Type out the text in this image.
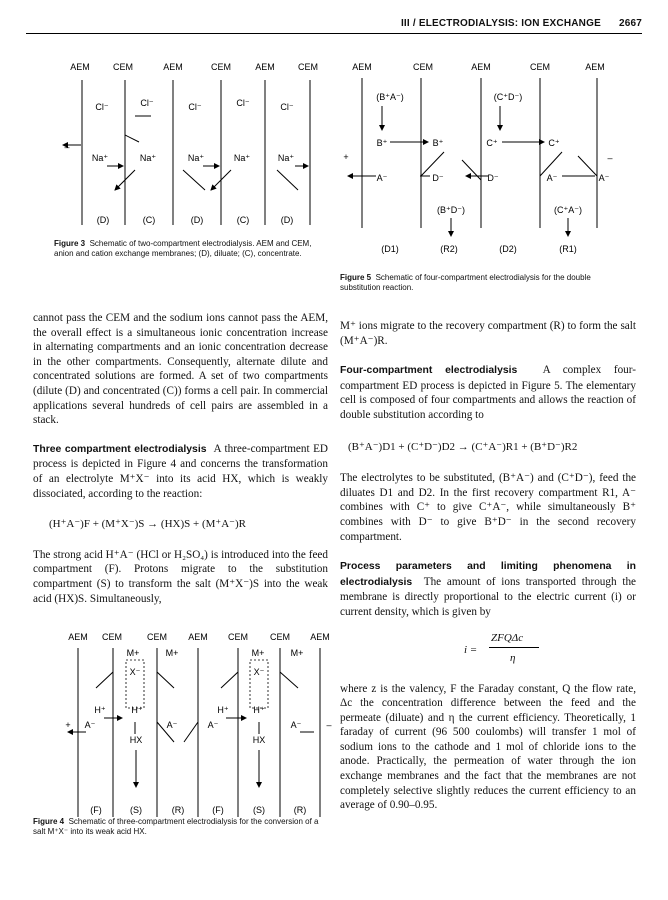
III / ELECTRODIALYSIS: ION EXCHANGE 2667
AEM	CEM	AEM	CEM	AEM	CEM
Cl⁻	Cl⁻	Cl⁻	Cl⁻	Cl⁻
Na⁺	Na⁺	Na⁺	Na⁺	Na⁺
–
(D)	(C)	(D)	(C)	(D)
Figure 3 Schematic of two-compartment electrodialysis. AEM and CEM, anion and cation exchange membranes; (D), diluate; (C), concentrate.
AEM	CEM	AEM	CEM	AEM
(B⁺A⁻)	(C⁺D⁻)
B⁺	B⁺	C⁺	C⁺
A⁻	D⁻	D⁻	A⁻	A⁻
(B⁺D⁻)	(C⁺A⁻)
+	–
(D1)	(R2)	(D2)	(R1)
Figure 5 Schematic of four-compartment electrodialysis for the double substitution reaction.

cannot pass the CEM and the sodium ions cannot pass the AEM, the overall effect is a simultaneous ionic concentration increase in alternating compartments and an ionic concentration decrease in the other compartments. Consequently, alternate dilute and concentrated solutions are formed. A set of two compartments (dilute (D) and concentrated (C)) forms a cell pair. In commercial applications several hundreds of cell pairs are assembled in a stack.

Three compartment electrodialysis A three-compartment ED process is depicted in Figure 4 and concerns the transformation of an electrolyte M⁺X⁻ into its acid HX, which is weakly dissociated, according to the reaction:

(H⁺A⁻)F + (M⁺X⁻)S → (HX)S + (M⁺A⁻)R

The strong acid H⁺A⁻ (HCl or H₂SO₄) is introduced into the feed compartment (F). Protons migrate to the substitution compartment (S) to transform the salt (M⁺X⁻)S into the weak acid (HX)S. Simultaneously,

AEM CEM	CEM AEM CEM CEM AEM
M+	M+	M+	M+
X⁻	X⁻
H⁺	H⁺	H⁺	H⁺
HX	HX
A⁻	A⁻	A⁻	A⁻
+	–
(F)	(S)	(R)	(F)	(S)	(R)
Figure 4 Schematic of three-compartment electrodialysis for the conversion of a salt M⁺X⁻ into its weak acid HX.

M⁺ ions migrate to the recovery compartment (R) to form the salt (M⁺A⁻)R.

Four-compartment electrodialysis A complex four-compartment ED process is depicted in Figure 5. The elementary cell is composed of four compartments and allows the reaction of double substitution according to

(B⁺A⁻)D1 + (C⁺D⁻)D2 → (C⁺A⁻)R1 + (B⁺D⁻)R2

The electrolytes to be substituted, (B⁺A⁻) and (C⁺D⁻), feed the diluates D1 and D2. In the first recovery compartment R1, A⁻ combines with C⁺ to give C⁺A⁻, while simultaneously B⁺ combines with D⁻ to give B⁺D⁻ in the second recovery compartment.

Process parameters and limiting phenomena in electrodialysis The amount of ions transported through the membrane is directly proportional to the electric current (i) or current density, which is given by

i =
ZFQΔc
η

where z is the valency, F the Faraday constant, Q the flow rate, Δc the concentration difference between the feed and the permeate (diluate) and η the current efficiency. Theoretically, 1 faraday of current (96 500 coulombs) will transfer 1 mol of sodium ions to the cathode and 1 mol of chloride ions to the anode. Practically, the permeation of water through the ion exchange membranes and the fact that the membranes are not completely selective slightly reduces the current efficiency to an average of 0.90–0.95.
